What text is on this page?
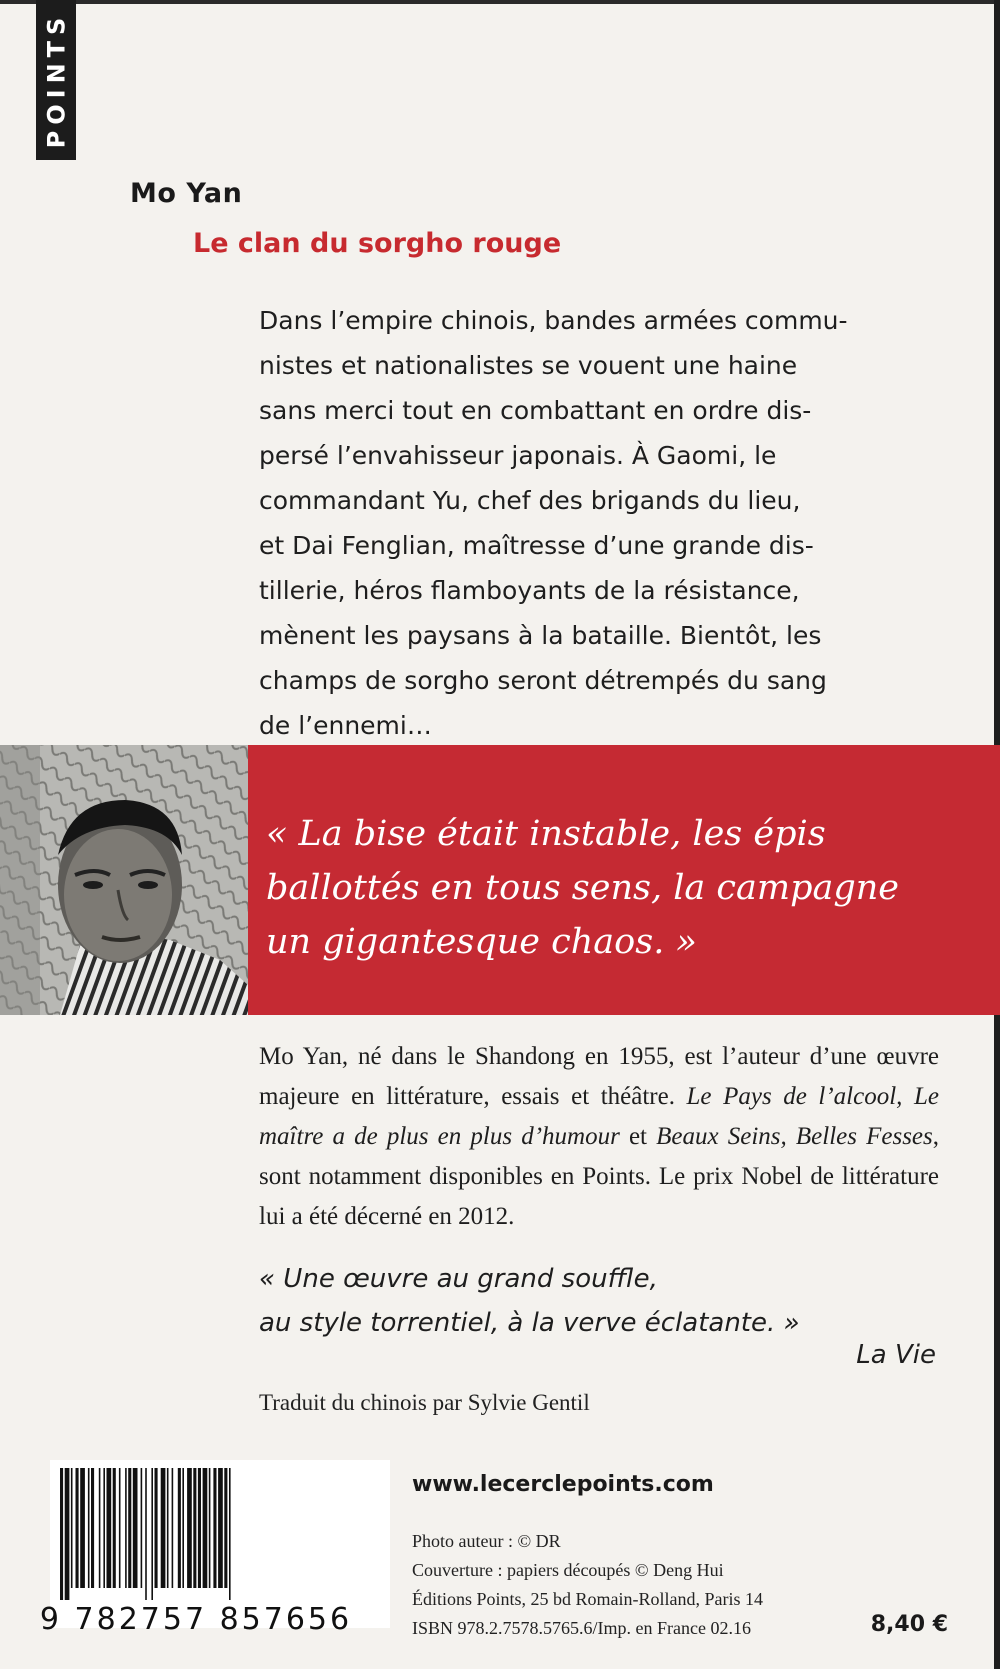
POINTS
Mo Yan
Le clan du sorgho rouge
Dans l’empire chinois, bandes armées commu-
nistes et nationalistes se vouent une haine
sans merci tout en combattant en ordre dis-
persé l’envahisseur japonais. À Gaomi, le
commandant Yu, chef des brigands du lieu,
et Dai Fenglian, maîtresse d’une grande dis-
tillerie, héros flamboyants de la résistance,
mènent les paysans à la bataille. Bientôt, les
champs de sorgho seront détrempés du sang
de l’ennemi…

« La bise était instable, les épis
ballottés en tous sens, la campagne
un gigantesque chaos. »

Mo Yan, né dans le Shandong en 1955, est l’auteur d’une œuvre majeure en littérature, essais et théâtre. Le Pays de l’alcool, Le maître a de plus en plus d’humour et Beaux Seins, Belles Fesses, sont notamment disponibles en Points. Le prix Nobel de littérature lui a été décerné en 2012.

« Une œuvre au grand souffle,
au style torrentiel, à la verve éclatante. »

La Vie
Traduit du chinois par Sylvie Gentil
9 782757 857656
www.lecerclepoints.com
Photo auteur : © DR
Couverture : papiers découpés © Deng Hui
Éditions Points, 25 bd Romain-Rolland, Paris 14
ISBN 978.2.7578.5765.6/Imp. en France 02.16	8,40 €
